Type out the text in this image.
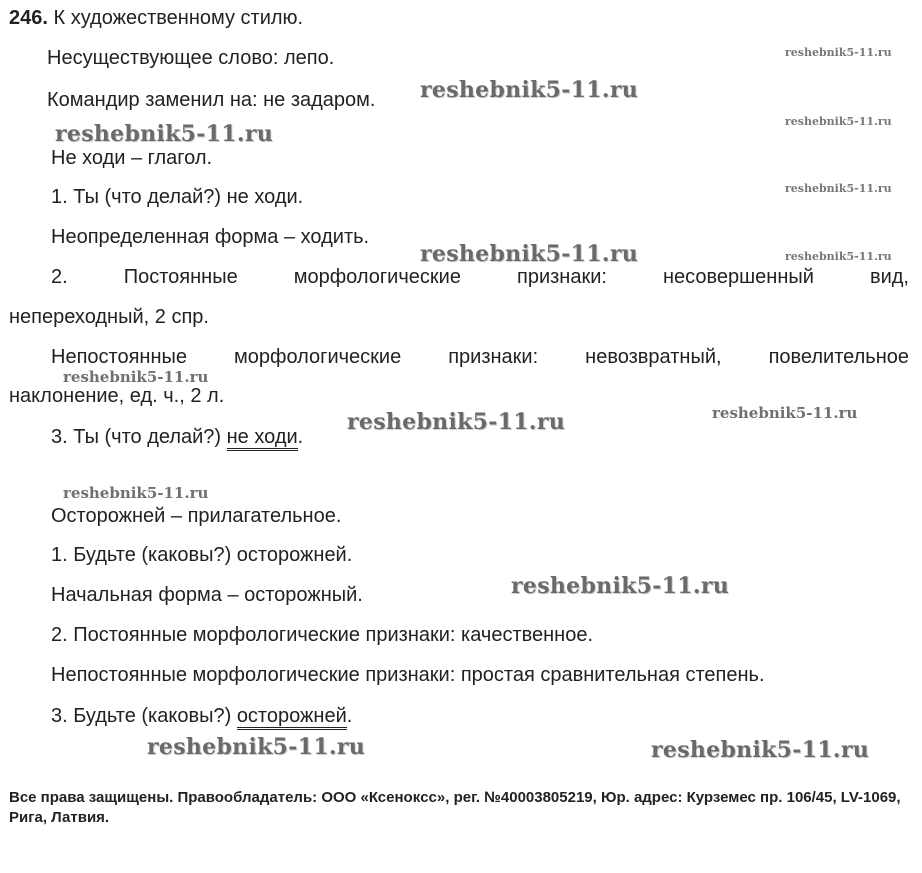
246. К художественному стилю.
Несуществующее слово: лепо.
Командир заменил на: не задаром.
Не ходи – глагол.
1. Ты (что делай?) не ходи.
Неопределенная форма – ходить.
2.	Постоянные	морфологические	признаки:	несовершенный	вид,
непереходный, 2 спр.
Непостоянные морфологические признаки: невозвратный, повелительное
наклонение, ед. ч., 2 л.
3. Ты (что делай?) не ходи.
Осторожней – прилагательное.
1. Будьте (каковы?) осторожней.
Начальная форма – осторожный.
2. Постоянные морфологические признаки: качественное.
Непостоянные морфологические признаки: простая сравнительная степень.
3. Будьте (каковы?) осторожней.
reshebnik5-11.ru
reshebnik5-11.ru
reshebnik5-11.ru	reshebnik5-11.ru
reshebnik5-11.ru
reshebnik5-11.ru	reshebnik5-11.ru
reshebnik5-11.ru
reshebnik5-11.ru
reshebnik5-11.ru
reshebnik5-11.ru
reshebnik5-11.ru
reshebnik5-11.ru	reshebnik5-11.ru
Все права защищены. Правообладатель: ООО «Ксенокcс», рег. №40003805219, Юр. адрес: Курземес пр. 106/45, LV-1069, Рига, Латвия.
